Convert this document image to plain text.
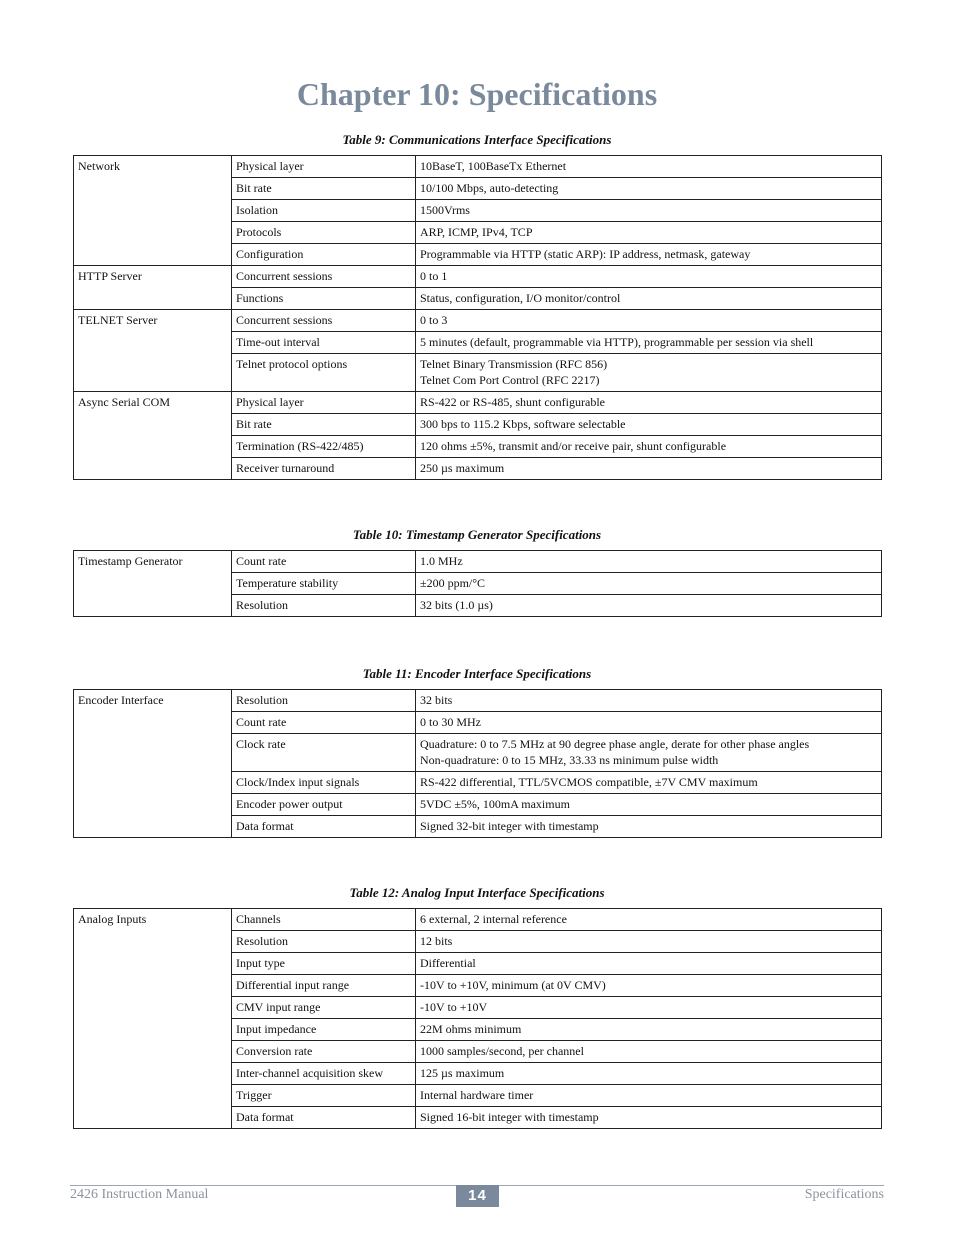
Chapter 10: Specifications
Table 9: Communications Interface Specifications
Network	Physical layer	10BaseT, 100BaseTx Ethernet
	Bit rate	10/100 Mbps, auto-detecting
	Isolation	1500Vrms
	Protocols	ARP, ICMP, IPv4, TCP
	Configuration	Programmable via HTTP (static ARP): IP address, netmask, gateway
HTTP Server	Concurrent sessions	0 to 1
	Functions	Status, configuration, I/O monitor/control
TELNET Server	Concurrent sessions	0 to 3
	Time-out interval	5 minutes (default, programmable via HTTP), programmable per session via shell
	Telnet protocol options	Telnet Binary Transmission (RFC 856)
Telnet Com Port Control (RFC 2217)
Async Serial COM	Physical layer	RS-422 or RS-485, shunt configurable
	Bit rate	300 bps to 115.2 Kbps, software selectable
	Termination (RS-422/485)	120 ohms ±5%, transmit and/or receive pair, shunt configurable
	Receiver turnaround	250 µs maximum
Table 10: Timestamp Generator Specifications
Timestamp Generator	Count rate	1.0 MHz
	Temperature stability	±200 ppm/°C
	Resolution	32 bits (1.0 µs)
Table 11: Encoder Interface Specifications
Encoder Interface	Resolution	32 bits
	Count rate	0 to 30 MHz
	Clock rate	Quadrature: 0 to 7.5 MHz at 90 degree phase angle, derate for other phase angles
Non-quadrature: 0 to 15 MHz, 33.33 ns minimum pulse width
	Clock/Index input signals	RS-422 differential, TTL/5VCMOS compatible, ±7V CMV maximum
	Encoder power output	5VDC ±5%, 100mA maximum
	Data format	Signed 32-bit integer with timestamp
Table 12: Analog Input Interface Specifications
Analog Inputs	Channels	6 external, 2 internal reference
	Resolution	12 bits
	Input type	Differential
	Differential input range	-10V to +10V, minimum (at 0V CMV)
	CMV input range	-10V to +10V
	Input impedance	22M ohms minimum
	Conversion rate	1000 samples/second, per channel
	Inter-channel acquisition skew	125 µs maximum
	Trigger	Internal hardware timer
	Data format	Signed 16-bit integer with timestamp
2426 Instruction Manual	14	Specifications
